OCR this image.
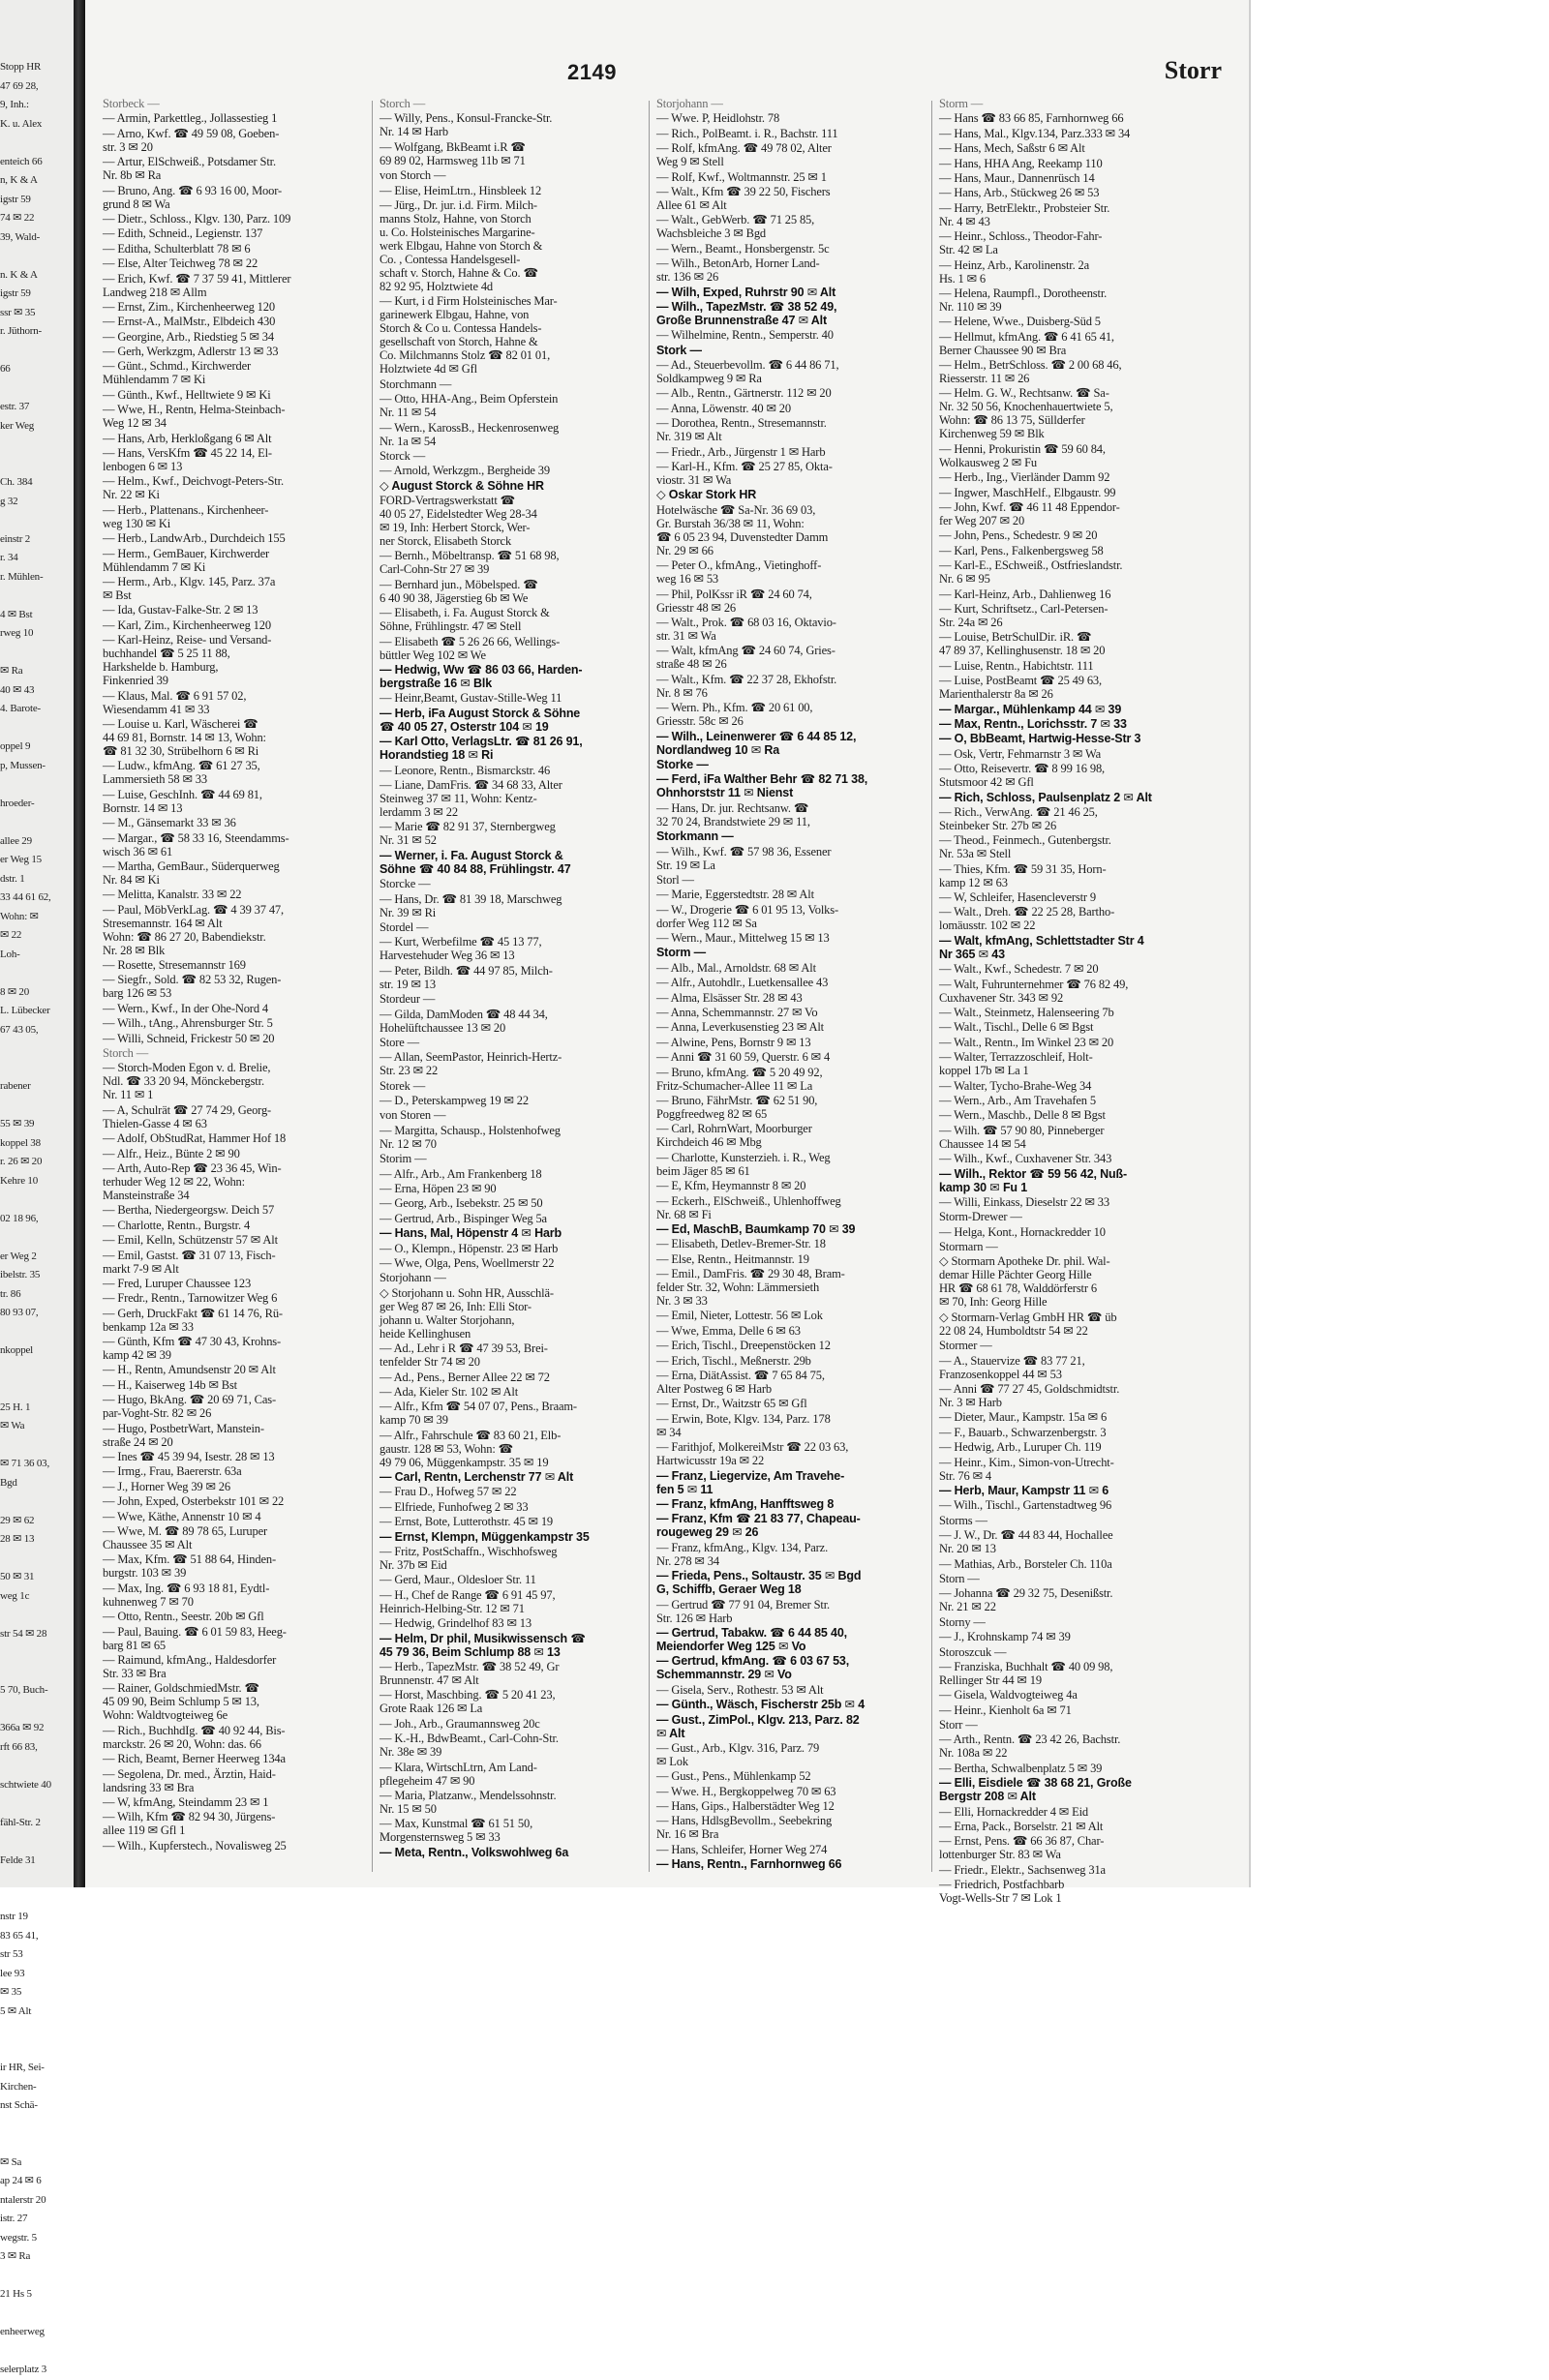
Stopp HR
47 69 28,
9, Inh.:
K. u. Alex

enteich 66
n, K & A
igstr 59
74 ✉ 22
39, Wald-

n. K & A
igstr 59
ssr ✉ 35
r. Jüthorn-

66

estr. 37
ker Weg

Ch. 384
g 32

einstr 2
r. 34
r. Mühlen-

4 ✉ Bst
rweg 10

✉ Ra
40 ✉ 43
4. Barote-

oppel 9
p, Mussen-

hroeder-

allee 29
er Weg 15
dstr. 1
33 44 61 62,
Wohn: ✉
✉ 22
Loh-

8 ✉ 20
L. Lübecker
67 43 05,

rabener

55 ✉ 39
koppel 38
r. 26 ✉ 20
Kehre 10

02 18 96,

er Weg 2
ibelstr. 35
tr. 86
80 93 07,

nkoppel

25 H. 1
✉ Wa

✉ 71 36 03,
Bgd

29 ✉ 62
28 ✉ 13

50 ✉ 31
weg 1c

str 54 ✉ 28

5 70, Buch-

366a ✉ 92
rft 66 83,

schtwiete 40

fähl-Str. 2

Felde 31

nstr 19
83 65 41,
str 53
lee 93
✉ 35
5 ✉ Alt

ir HR, Sei-
Kirchen-
nst Schä-

✉ Sa
ap 24 ✉ 6
ntalerstr 20
istr. 27
wegstr. 5
3 ✉ Ra

21 Hs 5

enheerweg

selerplatz 3
2149	Storr
Storbeck —
— Armin, Parkettleg., Jollassestieg 1
— Arno, Kwf. ☎ 49 59 08, Goeben-
str. 3 ✉ 20
— Artur, ElSchweiß., Potsdamer Str.
Nr. 8b ✉ Ra
— Bruno, Ang. ☎ 6 93 16 00, Moor-
grund 8 ✉ Wa
— Dietr., Schloss., Klgv. 130, Parz. 109
— Edith, Schneid., Legienstr. 137
— Editha, Schulterblatt 78 ✉ 6
— Else, Alter Teichweg 78 ✉ 22
— Erich, Kwf. ☎ 7 37 59 41, Mittlerer
Landweg 218 ✉ Allm
— Ernst, Zim., Kirchenheerweg 120
— Ernst-A., MalMstr., Elbdeich 430
— Georgine, Arb., Riedstieg 5 ✉ 34
— Gerh, Werkzgm, Adlerstr 13 ✉ 33
— Günt., Schmd., Kirchwerder
Mühlendamm 7 ✉ Ki
— Günth., Kwf., Helltwiete 9 ✉ Ki
— Wwe, H., Rentn, Helma-Steinbach-
Weg 12 ✉ 34
— Hans, Arb, Herkloßgang 6 ✉ Alt
— Hans, VersKfm ☎ 45 22 14, El-
lenbogen 6 ✉ 13
— Helm., Kwf., Deichvogt-Peters-Str.
Nr. 22 ✉ Ki
— Herb., Plattenans., Kirchenheer-
weg 130 ✉ Ki
— Herb., LandwArb., Durchdeich 155
— Herm., GemBauer, Kirchwerder
Mühlendamm 7 ✉ Ki
— Herm., Arb., Klgv. 145, Parz. 37a
✉ Bst
— Ida, Gustav-Falke-Str. 2 ✉ 13
— Karl, Zim., Kirchenheerweg 120
— Karl-Heinz, Reise- und Versand-
buchhandel ☎ 5 25 11 88,
Harkshelde b. Hamburg,
Finkenried 39
— Klaus, Mal. ☎ 6 91 57 02,
Wiesendamm 41 ✉ 33
— Louise u. Karl, Wäscherei ☎
44 69 81, Bornstr. 14 ✉ 13, Wohn:
☎ 81 32 30, Strübelhorn 6 ✉ Ri
— Ludw., kfmAng. ☎ 61 27 35,
Lammersieth 58 ✉ 33
— Luise, GeschInh. ☎ 44 69 81,
Bornstr. 14 ✉ 13
— M., Gänsemarkt 33 ✉ 36
— Margar., ☎ 58 33 16, Steendamms-
wisch 36 ✉ 61
— Martha, GemBaur., Süderquerweg
Nr. 84 ✉ Ki
— Melitta, Kanalstr. 33 ✉ 22
— Paul, MöbVerkLag. ☎ 4 39 37 47,
Stresemannstr. 164 ✉ Alt
Wohn: ☎ 86 27 20, Babendiekstr.
Nr. 28 ✉ Blk
— Rosette, Stresemannstr 169
— Siegfr., Sold. ☎ 82 53 32, Rugen-
barg 126 ✉ 53
— Wern., Kwf., In der Ohe-Nord 4
— Wilh., tAng., Ahrensburger Str. 5
— Willi, Schneid, Frickestr 50 ✉ 20
Storch —
— Storch-Moden Egon v. d. Brelie,
Ndl. ☎ 33 20 94, Mönckebergstr.
Nr. 11 ✉ 1
— A, Schulrät ☎ 27 74 29, Georg-
Thielen-Gasse 4 ✉ 63
— Adolf, ObStudRat, Hammer Hof 18
— Alfr., Heiz., Bünte 2 ✉ 90
— Arth, Auto-Rep ☎ 23 36 45, Win-
terhuder Weg 12 ✉ 22, Wohn:
Mansteinstraße 34
— Bertha, Niedergeorgsw. Deich 57
— Charlotte, Rentn., Burgstr. 4
— Emil, Kelln, Schützenstr 57 ✉ Alt
— Emil, Gastst. ☎ 31 07 13, Fisch-
markt 7-9 ✉ Alt
— Fred, Luruper Chaussee 123
— Fredr., Rentn., Tarnowitzer Weg 6
— Gerh, DruckFakt ☎ 61 14 76, Rü-
benkamp 12a ✉ 33
— Günth, Kfm ☎ 47 30 43, Krohns-
kamp 42 ✉ 39
— H., Rentn, Amundsenstr 20 ✉ Alt
— H., Kaiserweg 14b ✉ Bst
— Hugo, BkAng. ☎ 20 69 71, Cas-
par-Voght-Str. 82 ✉ 26
— Hugo, PostbetrWart, Manstein-
straße 24 ✉ 20
— Ines ☎ 45 39 94, Isestr. 28 ✉ 13
— Irmg., Frau, Baererstr. 63a
— J., Horner Weg 39 ✉ 26
— John, Exped, Osterbekstr 101 ✉ 22
— Wwe, Käthe, Annenstr 10 ✉ 4
— Wwe, M. ☎ 89 78 65, Luruper
Chaussee 35 ✉ Alt
— Max, Kfm. ☎ 51 88 64, Hinden-
burgstr. 103 ✉ 39
— Max, Ing. ☎ 6 93 18 81, Eydtl-
kuhnenweg 7 ✉ 70
— Otto, Rentn., Seestr. 20b ✉ Gfl
— Paul, Bauing. ☎ 6 01 59 83, Heeg-
barg 81 ✉ 65
— Raimund, kfmAng., Haldesdorfer
Str. 33 ✉ Bra
— Rainer, GoldschmiedMstr. ☎
45 09 90, Beim Schlump 5 ✉ 13,
Wohn: Waldtvogteiweg 6e
— Rich., BuchhdIg. ☎ 40 92 44, Bis-
marckstr. 26 ✉ 20, Wohn: das. 66
— Rich, Beamt, Berner Heerweg 134a
— Segolena, Dr. med., Ärztin, Haid-
landsring 33 ✉ Bra
— W, kfmAng, Steindamm 23 ✉ 1
— Wilh, Kfm ☎ 82 94 30, Jürgens-
allee 119 ✉ Gfl 1
— Wilh., Kupferstech., Novalisweg 25
Storch —
— Willy, Pens., Konsul-Francke-Str.
Nr. 14 ✉ Harb
— Wolfgang, BkBeamt i.R ☎
69 89 02, Harmsweg 11b ✉ 71
von Storch —
— Elise, HeimLtrn., Hinsbleek 12
— Jürg., Dr. jur. i.d. Firm. Milch-
manns Stolz, Hahne, von Storch
u. Co. Holsteinisches Margarine-
werk Elbgau, Hahne von Storch &
Co. , Contessa Handelsgesell-
schaft v. Storch, Hahne & Co. ☎
82 92 95, Holztwiete 4d
— Kurt, i d Firm Holsteinisches Mar-
garinewerk Elbgau, Hahne, von
Storch & Co u. Contessa Handels-
gesellschaft von Storch, Hahne &
Co. Milchmanns Stolz ☎ 82 01 01,
Holztwiete 4d ✉ Gfl
Storchmann —
— Otto, HHA-Ang., Beim Opferstein
Nr. 11 ✉ 54
— Wern., KarossB., Heckenrosenweg
Nr. 1a ✉ 54
Storck —
— Arnold, Werkzgm., Bergheide 39
◇ August Storck & Söhne HR
FORD-Vertragswerkstatt ☎
40 05 27, Eidelstedter Weg 28-34
✉ 19, Inh: Herbert Storck, Wer-
ner Storck, Elisabeth Storck
— Bernh., Möbeltransp. ☎ 51 68 98,
Carl-Cohn-Str 27 ✉ 39
— Bernhard jun., Möbelsped. ☎
6 40 90 38, Jägerstieg 6b ✉ We
— Elisabeth, i. Fa. August Storck &
Söhne, Frühlingstr. 47 ✉ Stell
— Elisabeth ☎ 5 26 26 66, Wellings-
büttler Weg 102 ✉ We
— Hedwig, Ww ☎ 86 03 66, Harden-
bergstraße 16 ✉ Blk
— Heinr,Beamt, Gustav-Stille-Weg 11
— Herb, iFa August Storck & Söhne
☎ 40 05 27, Osterstr 104 ✉ 19
— Karl Otto, VerlagsLtr. ☎ 81 26 91,
Horandstieg 18 ✉ Ri
— Leonore, Rentn., Bismarckstr. 46
— Liane, DamFris. ☎ 34 68 33, Alter
Steinweg 37 ✉ 11, Wohn: Kentz-
lerdamm 3 ✉ 22
— Marie ☎ 82 91 37, Sternbergweg
Nr. 31 ✉ 52
— Werner, i. Fa. August Storck &
Söhne ☎ 40 84 88, Frühlingstr. 47
Storcke —
— Hans, Dr. ☎ 81 39 18, Marschweg
Nr. 39 ✉ Ri
Stordel —
— Kurt, Werbefilme ☎ 45 13 77,
Harvestehuder Weg 36 ✉ 13
— Peter, Bildh. ☎ 44 97 85, Milch-
str. 19 ✉ 13
Stordeur —
— Gilda, DamModen ☎ 48 44 34,
Hohelüftchaussee 13 ✉ 20
Store —
— Allan, SeemPastor, Heinrich-Hertz-
Str. 23 ✉ 22
Storek —
— D., Peterskampweg 19 ✉ 22
von Storen —
— Margitta, Schausp., Holstenhofweg
Nr. 12 ✉ 70
Storim —
— Alfr., Arb., Am Frankenberg 18
— Erna, Höpen 23 ✉ 90
— Georg, Arb., Isebekstr. 25 ✉ 50
— Gertrud, Arb., Bispinger Weg 5a
— Hans, Mal, Höpenstr 4 ✉ Harb
— O., Klempn., Höpenstr. 23 ✉ Harb
— Wwe, Olga, Pens, Woellmerstr 22
Storjohann —
◇ Storjohann u. Sohn HR, Ausschlä-
ger Weg 87 ✉ 26, Inh: Elli Stor-
johann u. Walter Storjohann,
heide Kellinghusen
— Ad., Lehr i R ☎ 47 39 53, Brei-
tenfelder Str 74 ✉ 20
— Ad., Pens., Berner Allee 22 ✉ 72
— Ada, Kieler Str. 102 ✉ Alt
— Alfr., Kfm ☎ 54 07 07, Pens., Braam-
kamp 70 ✉ 39
— Alfr., Fahrschule ☎ 83 60 21, Elb-
gaustr. 128 ✉ 53, Wohn: ☎
49 79 06, Müggenkampstr. 35 ✉ 19
— Carl, Rentn, Lerchenstr 77 ✉ Alt
— Frau D., Hofweg 57 ✉ 22
— Elfriede, Funhofweg 2 ✉ 33
— Ernst, Bote, Lutterothstr. 45 ✉ 19
— Ernst, Klempn, Müggenkampstr 35
— Fritz, PostSchaffn., Wischhofsweg
Nr. 37b ✉ Eid
— Gerd, Maur., Oldesloer Str. 11
— H., Chef de Range ☎ 6 91 45 97,
Heinrich-Helbing-Str. 12 ✉ 71
— Hedwig, Grindelhof 83 ✉ 13
— Helm, Dr phil, Musikwissensch ☎
45 79 36, Beim Schlump 88 ✉ 13
— Herb., TapezMstr. ☎ 38 52 49, Gr
Brunnenstr. 47 ✉ Alt
— Horst, Maschbing. ☎ 5 20 41 23,
Grote Raak 126 ✉ La
— Joh., Arb., Graumannsweg 20c
— K.-H., BdwBeamt., Carl-Cohn-Str.
Nr. 38e ✉ 39
— Klara, WirtschLtrn, Am Land-
pflegeheim 47 ✉ 90
— Maria, Platzanw., Mendelssohnstr.
Nr. 15 ✉ 50
— Max, Kunstmal ☎ 61 51 50,
Morgensternsweg 5 ✉ 33
— Meta, Rentn., Volkswohlweg 6a
Storjohann —
— Wwe. P, Heidlohstr. 78
— Rich., PolBeamt. i. R., Bachstr. 111
— Rolf, kfmAng. ☎ 49 78 02, Alter
Weg 9 ✉ Stell
— Rolf, Kwf., Woltmannstr. 25 ✉ 1
— Walt., Kfm ☎ 39 22 50, Fischers
Allee 61 ✉ Alt
— Walt., GebWerb. ☎ 71 25 85,
Wachsbleiche 3 ✉ Bgd
— Wern., Beamt., Honsbergenstr. 5c
— Wilh., BetonArb, Horner Land-
str. 136 ✉ 26
— Wilh, Exped, Ruhrstr 90 ✉ Alt
— Wilh., TapezMstr. ☎ 38 52 49,
Große Brunnenstraße 47 ✉ Alt
— Wilhelmine, Rentn., Semperstr. 40
Stork —
— Ad., Steuerbevollm. ☎ 6 44 86 71,
Soldkampweg 9 ✉ Ra
— Alb., Rentn., Gärtnerstr. 112 ✉ 20
— Anna, Löwenstr. 40 ✉ 20
— Dorothea, Rentn., Stresemannstr.
Nr. 319 ✉ Alt
— Friedr., Arb., Jürgenstr 1 ✉ Harb
— Karl-H., Kfm. ☎ 25 27 85, Okta-
viostr. 31 ✉ Wa
◇ Oskar Stork HR
Hotelwäsche ☎ Sa-Nr. 36 69 03,
Gr. Burstah 36/38 ✉ 11, Wohn:
☎ 6 05 23 94, Duvenstedter Damm
Nr. 29 ✉ 66
— Peter O., kfmAng., Vietinghoff-
weg 16 ✉ 53
— Phil, PolKssr iR ☎ 24 60 74,
Griesstr 48 ✉ 26
— Walt., Prok. ☎ 68 03 16, Oktavio-
str. 31 ✉ Wa
— Walt, kfmAng ☎ 24 60 74, Gries-
straße 48 ✉ 26
— Walt., Kfm. ☎ 22 37 28, Ekhofstr.
Nr. 8 ✉ 76
— Wern. Ph., Kfm. ☎ 20 61 00,
Griesstr. 58c ✉ 26
— Wilh., Leinenwerer ☎ 6 44 85 12,
Nordlandweg 10 ✉ Ra
Storke —
— Ferd, iFa Walther Behr ☎ 82 71 38,
Ohnhorststr 11 ✉ Nienst
— Hans, Dr. jur. Rechtsanw. ☎
32 70 24, Brandstwiete 29 ✉ 11,
Storkmann —
— Wilh., Kwf. ☎ 57 98 36, Essener
Str. 19 ✉ La
Storl —
— Marie, Eggerstedtstr. 28 ✉ Alt
— W., Drogerie ☎ 6 01 95 13, Volks-
dorfer Weg 112 ✉ Sa
— Wern., Maur., Mittelweg 15 ✉ 13
Storm —
— Alb., Mal., Arnoldstr. 68 ✉ Alt
— Alfr., Autohdlr., Luetkensallee 43
— Alma, Elsässer Str. 28 ✉ 43
— Anna, Schemmannstr. 27 ✉ Vo
— Anna, Leverkusenstieg 23 ✉ Alt
— Alwine, Pens, Bornstr 9 ✉ 13
— Anni ☎ 31 60 59, Querstr. 6 ✉ 4
— Bruno, kfmAng. ☎ 5 20 49 92,
Fritz-Schumacher-Allee 11 ✉ La
— Bruno, FährMstr. ☎ 62 51 90,
Poggfreedweg 82 ✉ 65
— Carl, RohrnWart, Moorburger
Kirchdeich 46 ✉ Mbg
— Charlotte, Kunsterzieh. i. R., Weg
beim Jäger 85 ✉ 61
— E, Kfm, Heymannstr 8 ✉ 20
— Eckerh., ElSchweiß., Uhlenhoffweg
Nr. 68 ✉ Fi
— Ed, MaschB, Baumkamp 70 ✉ 39
— Elisabeth, Detlev-Bremer-Str. 18
— Else, Rentn., Heitmannstr. 19
— Emil., DamFris. ☎ 29 30 48, Bram-
felder Str. 32, Wohn: Lämmersieth
Nr. 3 ✉ 33
— Emil, Nieter, Lottestr. 56 ✉ Lok
— Wwe, Emma, Delle 6 ✉ 63
— Erich, Tischl., Dreepenstöcken 12
— Erich, Tischl., Meßnerstr. 29b
— Erna, DiätAssist. ☎ 7 65 84 75,
Alter Postweg 6 ✉ Harb
— Ernst, Dr., Waitzstr 65 ✉ Gfl
— Erwin, Bote, Klgv. 134, Parz. 178
✉ 34
— Farithjof, MolkereiMstr ☎ 22 03 63,
Hartwicusstr 19a ✉ 22
— Franz, Liegervize, Am Travehe-
fen 5 ✉ 11
— Franz, kfmAng, Hanfftsweg 8
— Franz, Kfm ☎ 21 83 77, Chapeau-
rougeweg 29 ✉ 26
— Franz, kfmAng., Klgv. 134, Parz.
Nr. 278 ✉ 34
— Frieda, Pens., Soltaustr. 35 ✉ Bgd
G, Schiffb, Geraer Weg 18
— Gertrud ☎ 77 91 04, Bremer Str.
Str. 126 ✉ Harb
— Gertrud, Tabakw. ☎ 6 44 85 40,
Meiendorfer Weg 125 ✉ Vo
— Gertrud, kfmAng. ☎ 6 03 67 53,
Schemmannstr. 29 ✉ Vo
— Gisela, Serv., Rothestr. 53 ✉ Alt
— Günth., Wäsch, Fischerstr 25b ✉ 4
— Gust., ZimPol., Klgv. 213, Parz. 82
✉ Alt
— Gust., Arb., Klgv. 316, Parz. 79
✉ Lok
— Gust., Pens., Mühlenkamp 52
— Wwe. H., Bergkoppelweg 70 ✉ 63
— Hans, Gips., Halberstädter Weg 12
— Hans, HdlsgBevollm., Seebekring
Nr. 16 ✉ Bra
— Hans, Schleifer, Horner Weg 274
— Hans, Rentn., Farnhornweg 66
Storm —
— Hans ☎ 83 66 85, Farnhornweg 66
— Hans, Mal., Klgv.134, Parz.333 ✉ 34
— Hans, Mech, Saßstr 6 ✉ Alt
— Hans, HHA Ang, Reekamp 110
— Hans, Maur., Dannenrüsch 14
— Hans, Arb., Stückweg 26 ✉ 53
— Harry, BetrElektr., Probsteier Str.
Nr. 4 ✉ 43
— Heinr., Schloss., Theodor-Fahr-
Str. 42 ✉ La
— Heinz, Arb., Karolinenstr. 2a
Hs. 1 ✉ 6
— Helena, Raumpfl., Dorotheenstr.
Nr. 110 ✉ 39
— Helene, Wwe., Duisberg-Süd 5
— Hellmut, kfmAng. ☎ 6 41 65 41,
Berner Chaussee 90 ✉ Bra
— Helm., BetrSchloss. ☎ 2 00 68 46,
Riesserstr. 11 ✉ 26
— Helm. G. W., Rechtsanw. ☎ Sa-
Nr. 32 50 56, Knochenhauertwiete 5,
Wohn: ☎ 86 13 75, Süllderfer
Kirchenweg 59 ✉ Blk
— Henni, Prokuristin ☎ 59 60 84,
Wolkausweg 2 ✉ Fu
— Herb., Ing., Vierländer Damm 92
— Ingwer, MaschHelf., Elbgaustr. 99
— John, Kwf. ☎ 46 11 48 Eppendor-
fer Weg 207 ✉ 20
— John, Pens., Schedestr. 9 ✉ 20
— Karl, Pens., Falkenbergsweg 58
— Karl-E., ESchweiß., Ostfrieslandstr.
Nr. 6 ✉ 95
— Karl-Heinz, Arb., Dahlienweg 16
— Kurt, Schriftsetz., Carl-Petersen-
Str. 24a ✉ 26
— Louise, BetrSchulDir. iR. ☎
47 89 37, Kellinghusenstr. 18 ✉ 20
— Luise, Rentn., Habichtstr. 111
— Luise, PostBeamt ☎ 25 49 63,
Marienthalerstr 8a ✉ 26
— Margar., Mühlenkamp 44 ✉ 39
— Max, Rentn., Lorichsstr. 7 ✉ 33
— O, BbBeamt, Hartwig-Hesse-Str 3
— Osk, Vertr, Fehmarnstr 3 ✉ Wa
— Otto, Reisevertr. ☎ 8 99 16 98,
Stutsmoor 42 ✉ Gfl
— Rich, Schloss, Paulsenplatz 2 ✉ Alt
— Rich., VerwAng. ☎ 21 46 25,
Steinbeker Str. 27b ✉ 26
— Theod., Feinmech., Gutenbergstr.
Nr. 53a ✉ Stell
— Thies, Kfm. ☎ 59 31 35, Horn-
kamp 12 ✉ 63
— W, Schleifer, Hasencleverstr 9
— Walt., Dreh. ☎ 22 25 28, Bartho-
lomäusstr. 102 ✉ 22
— Walt, kfmAng, Schlettstadter Str 4
Nr 365 ✉ 43
— Walt., Kwf., Schedestr. 7 ✉ 20
— Walt, Fuhrunternehmer ☎ 76 82 49,
Cuxhavener Str. 343 ✉ 92
— Walt., Steinmetz, Halenseering 7b
— Walt., Tischl., Delle 6 ✉ Bgst
— Walt., Rentn., Im Winkel 23 ✉ 20
— Walter, Terrazzoschleif, Holt-
koppel 17b ✉ La 1
— Walter, Tycho-Brahe-Weg 34
— Wern., Arb., Am Travehafen 5
— Wern., Maschb., Delle 8 ✉ Bgst
— Wilh. ☎ 57 90 80, Pinneberger
Chaussee 14 ✉ 54
— Wilh., Kwf., Cuxhavener Str. 343
— Wilh., Rektor ☎ 59 56 42, Nuß-
kamp 30 ✉ Fu 1
— Willi, Einkass, Dieselstr 22 ✉ 33
Storm-Drewer —
— Helga, Kont., Hornackredder 10
Stormarn —
◇ Stormarn Apotheke Dr. phil. Wal-
demar Hille Pächter Georg Hille
HR ☎ 68 61 78, Walddörferstr 6
✉ 70, Inh: Georg Hille
◇ Stormarn-Verlag GmbH HR ☎ üb
22 08 24, Humboldtstr 54 ✉ 22
Stormer —
— A., Stauervize ☎ 83 77 21,
Franzosenkoppel 44 ✉ 53
— Anni ☎ 77 27 45, Goldschmidtstr.
Nr. 3 ✉ Harb
— Dieter, Maur., Kampstr. 15a ✉ 6
— F., Bauarb., Schwarzenbergstr. 3
— Hedwig, Arb., Luruper Ch. 119
— Heinr., Kim., Simon-von-Utrecht-
Str. 76 ✉ 4
— Herb, Maur, Kampstr 11 ✉ 6
— Wilh., Tischl., Gartenstadtweg 96
Storms —
— J. W., Dr. ☎ 44 83 44, Hochallee
Nr. 20 ✉ 13
— Mathias, Arb., Borsteler Ch. 110a
Storn —
— Johanna ☎ 29 32 75, Desenißstr.
Nr. 21 ✉ 22
Storny —
— J., Krohnskamp 74 ✉ 39
Storoszcuk —
— Franziska, Buchhalt ☎ 40 09 98,
Rellinger Str 44 ✉ 19
— Gisela, Waldvogteiweg 4a
— Heinr., Kienholt 6a ✉ 71
Storr —
— Arth., Rentn. ☎ 23 42 26, Bachstr.
Nr. 108a ✉ 22
— Bertha, Schwalbenplatz 5 ✉ 39
— Elli, Eisdiele ☎ 38 68 21, Große
Bergstr 208 ✉ Alt
— Elli, Hornackredder 4 ✉ Eid
— Erna, Pack., Borselstr. 21 ✉ Alt
— Ernst, Pens. ☎ 66 36 87, Char-
lottenburger Str. 83 ✉ Wa
— Friedr., Elektr., Sachsenweg 31a
— Friedrich, Postfachbarb
Vogt-Wells-Str 7 ✉ Lok 1
